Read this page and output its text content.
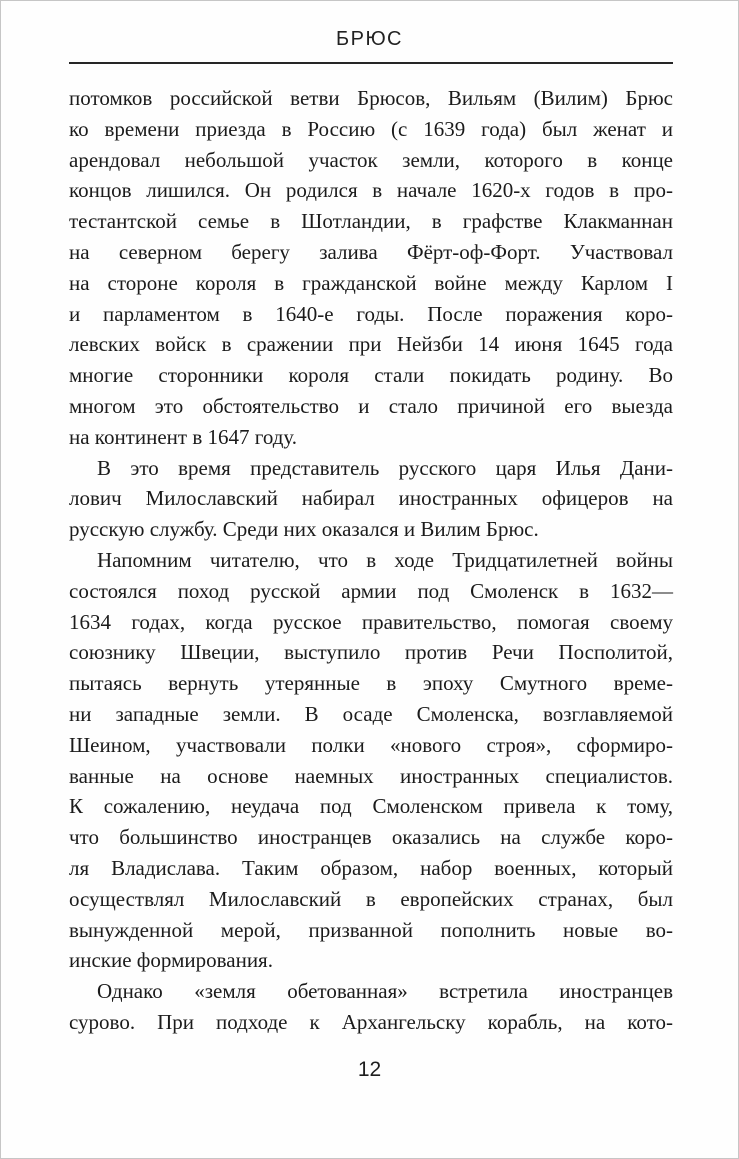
БРЮС
потомков российской ветви Брюсов, Вильям (Вилим) Брюс
ко времени приезда в Россию (с 1639 года) был женат и
арендовал небольшой участок земли, которого в конце
концов лишился. Он родился в начале 1620-х годов в про-
тестантской семье в Шотландии, в графстве Клакманнан
на северном берегу залива Фёрт-оф-Форт. Участвовал
на стороне короля в гражданской войне между Карлом I
и парламентом в 1640-е годы. После поражения коро-
левских войск в сражении при Нейзби 14 июня 1645 года
многие сторонники короля стали покидать родину. Во
многом это обстоятельство и стало причиной его выезда
на континент в 1647 году.
В это время представитель русского царя Илья Дани-
лович Милославский набирал иностранных офицеров на
русскую службу. Среди них оказался и Вилим Брюс.
Напомним читателю, что в ходе Тридцатилетней войны
состоялся поход русской армии под Смоленск в 1632—
1634 годах, когда русское правительство, помогая своему
союзнику Швеции, выступило против Речи Посполитой,
пытаясь вернуть утерянные в эпоху Смутного време-
ни западные земли. В осаде Смоленска, возглавляемой
Шеином, участвовали полки «нового строя», сформиро-
ванные на основе наемных иностранных специалистов.
К сожалению, неудача под Смоленском привела к тому,
что большинство иностранцев оказались на службе коро-
ля Владислава. Таким образом, набор военных, который
осуществлял Милославский в европейских странах, был
вынужденной мерой, призванной пополнить новые во-
инские формирования.
Однако «земля обетованная» встретила иностранцев
сурово. При подходе к Архангельску корабль, на кото-
12
